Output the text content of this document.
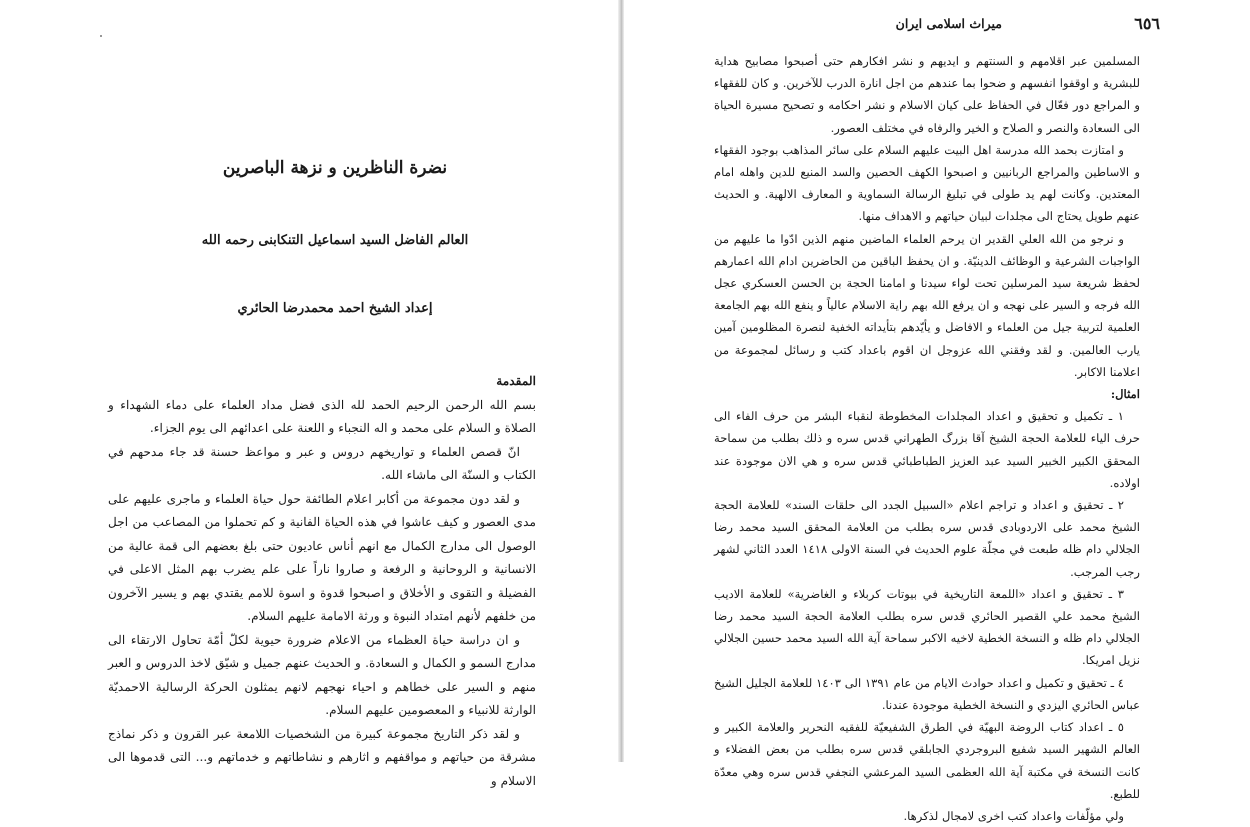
نضرة الناظرين و نزهة الباصرين
العالم الفاضل السيد اسماعيل التنكابنى رحمه الله
إعداد الشيخ احمد محمدرضا الحائري
المقدمة

بسم الله الرحمن الرحيم الحمد لله الذى فضل مداد العلماء على دماء الشهداء و الصلاة و السلام على محمد و اله النجباء و اللعنة على اعدائهم الى يوم الجزاء.

انّ قصص العلماء و تواريخهم دروس و عبر و مواعظ حسنة قد جاء مدحهم في الكتاب و السنّة الى ماشاء الله.

و لقد دون مجموعة من أكابر اعلام الطائفة حول حياة العلماء و ماجرى عليهم على مدى العصور و كيف عاشوا في هذه الحياة الفانية و كم تحملوا من المصاعب من اجل الوصول الى مدارج الكمال مع انهم أناس عاديون حتى بلغ بعضهم الى قمة عالية من الانسانية و الروحانية و الرفعة و صاروا ناراً على علم يضرب بهم المثل الاعلى في الفضيلة و التقوى و الأخلاق و اصبحوا قدوة و اسوة للامم يقتدي بهم و يسير الآخرون من خلفهم لأنهم امتداد النبوة و ورثة الامامة عليهم السلام.

و ان دراسة حياة العظماء من الاعلام ضرورة حيوية لكلّ أمّة تحاول الارتقاء الى مدارج السمو و الكمال و السعادة. و الحديث عنهم جميل و شيّق لاخذ الدروس و العبر منهم و السير على خطاهم و احياء نهجهم لانهم يمثلون الحركة الرسالية الاحمديّة الوارثة للانبياء و المعصومين عليهم السلام.

و لقد ذكر التاريخ مجموعة كبيرة من الشخصيات اللامعة عبر القرون و ذكر نماذج مشرقة من حياتهم و مواقفهم و اثارهم و نشاطاتهم و خدماتهم و... التى قدموها الى الاسلام و

٦٥٦
ميراث اسلامى ايران

المسلمين عبر اقلامهم و السنتهم و ايديهم و نشر افكارهم حتى أصبحوا مصابيح هداية للبشرية و اوقفوا انفسهم و ضحوا بما عندهم من اجل انارة الدرب للآخرين. و كان للفقهاء و المراجع دور فعّال في الحفاظ على كيان الاسلام و نشر احكامه و تصحيح مسيرة الحياة الى السعادة والنصر و الصلاح و الخير والرفاه في مختلف العصور.

و امتازت بحمد الله مدرسة اهل البيت عليهم السلام على سائر المذاهب بوجود الفقهاء و الاساطين والمراجع الربانيين و اصبحوا الكهف الحصين والسد المنيع للدين واهله امام المعتدين. وكانت لهم يد طولى في تبليغ الرسالة السماوية و المعارف الالهية. و الحديث عنهم طويل يحتاج الى مجلدات لبيان حياتهم و الاهداف منها.

و نرجو من الله العلي القدير ان يرحم العلماء الماضين منهم الذين ادّوا ما عليهم من الواجبات الشرعية و الوظائف الدينيّة. و ان يحفظ الباقين من الحاضرين ادام الله اعمارهم لحفظ شريعة سيد المرسلين تحت لواء سيدنا و امامنا الحجة بن الحسن العسكري عجل الله فرجه و السير على نهجه و ان يرفع الله بهم راية الاسلام عالياً و ينفع الله بهم الجامعة العلمية لتربية جيل من العلماء و الافاضل و يأيّدهم بتأيداته الخفية لنصرة المظلومين آمين يارب العالمين. و لقد وفقني الله عزوجل ان اقوم باعداد كتب و رسائل لمجموعة من اعلامنا الاكابر.

امثال:

١ ـ تكميل و تحقيق و اعداد المجلدات المخطوطة لنقباء البشر من حرف الفاء الى حرف الياء للعلامة الحجة الشيخ آقا بزرگ الطهراني قدس سره و ذلك بطلب من سماحة المحقق الكبير الخبير السيد عبد العزيز الطباطبائي قدس سره و هي الان موجودة عند اولاده.

٢ ـ تحقيق و اعداد و تراجم اعلام «السبيل الجدد الى حلقات السند» للعلامة الحجة الشيخ محمد على الاردوبادى قدس سره بطلب من العلامة المحقق السيد محمد رضا الجلالي دام ظله طبعت في مجلّة علوم الحديث في السنة الاولى ١٤١٨ العدد الثاني لشهر رجب المرجب.

٣ ـ تحقيق و اعداد «اللمعة التاريخية في بيوتات كربلاء و الغاضرية» للعلامة الاديب الشيخ محمد علي القصير الحائري قدس سره بطلب العلامة الحجة السيد محمد رضا الجلالي دام ظله و النسخة الخطية لاخيه الاكبر سماحة آية الله السيد محمد حسين الجلالي نزيل امريكا.

٤ ـ تحقيق و تكميل و اعداد حوادث الايام من عام ١٣٩١ الى ١٤٠٣ للعلامة الجليل الشيخ عباس الحائري اليزدي و النسخة الخطية موجودة عندنا.

٥ ـ اعداد كتاب الروضة البهيّة في الطرق الشفيعيّة للفقيه النحرير والعلامة الكبير و العالم الشهير السيد شفيع البروجردي الجابلقي قدس سره بطلب من بعض الفضلاء و كانت النسخة في مكتبة آية الله العظمى السيد المرعشي النجفي قدس سره وهي معدّة للطبع.

ولي مؤلّفات واعداد كتب اخرى لامجال لذكرها.
